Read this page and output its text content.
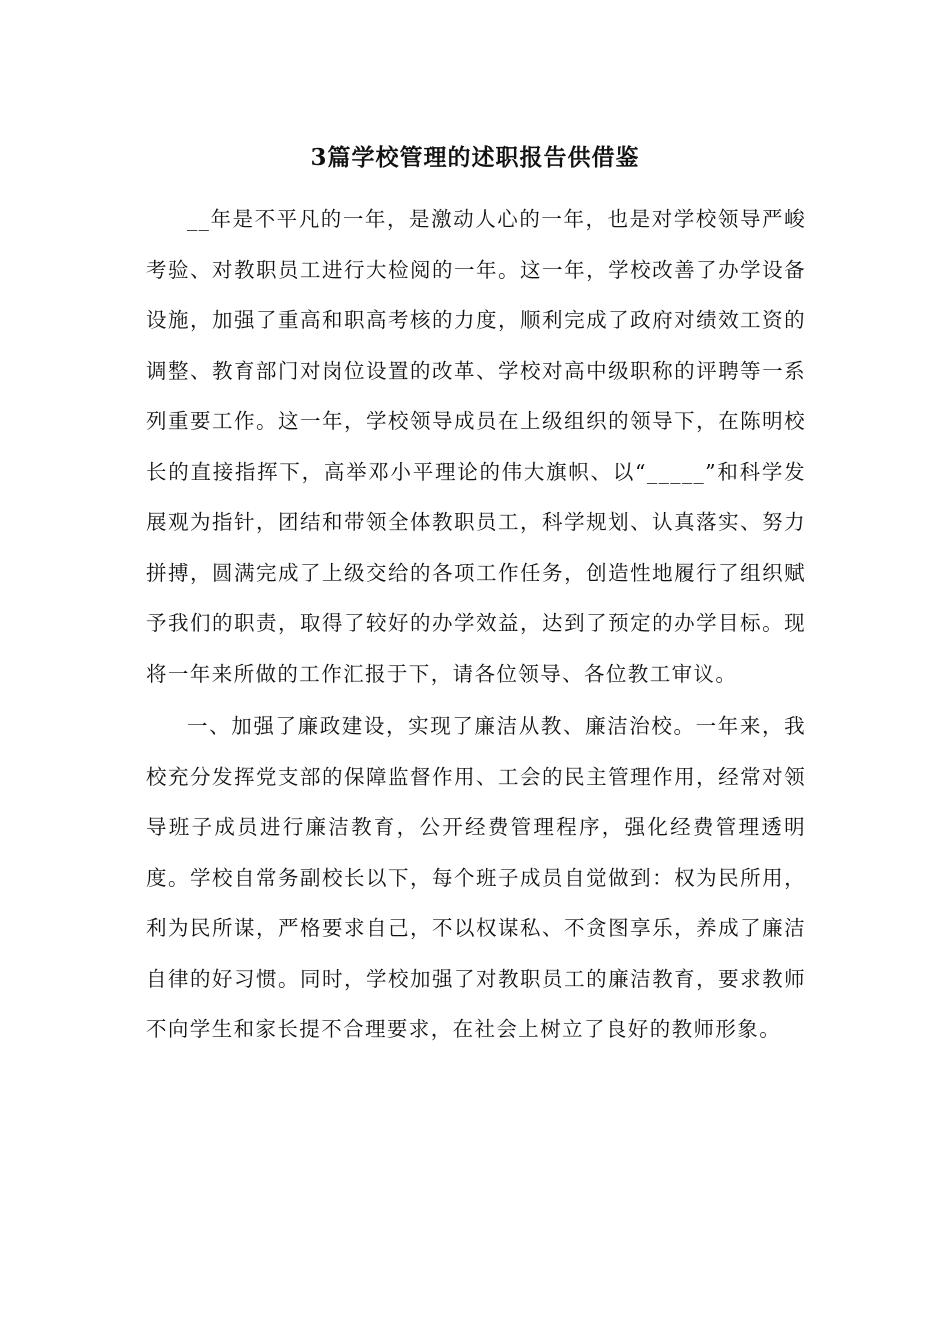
3篇学校管理的述职报告供借鉴

__年是不平凡的一年，是激动人心的一年，也是对学校领导严峻考验、对教职员工进行大检阅的一年。这一年，学校改善了办学设备设施，加强了重高和职高考核的力度，顺利完成了政府对绩效工资的调整、教育部门对岗位设置的改革、学校对高中级职称的评聘等一系列重要工作。这一年，学校领导成员在上级组织的领导下，在陈明校长的直接指挥下，高举邓小平理论的伟大旗帜、以“_____”和科学发展观为指针，团结和带领全体教职员工，科学规划、认真落实、努力拼搏，圆满完成了上级交给的各项工作任务，创造性地履行了组织赋予我们的职责，取得了较好的办学效益，达到了预定的办学目标。现将一年来所做的工作汇报于下，请各位领导、各位教工审议。

一、加强了廉政建设，实现了廉洁从教、廉洁治校。一年来，我校充分发挥党支部的保障监督作用、工会的民主管理作用，经常对领导班子成员进行廉洁教育，公开经费管理程序，强化经费管理透明度。学校自常务副校长以下，每个班子成员自觉做到：权为民所用，利为民所谋，严格要求自己，不以权谋私、不贪图享乐，养成了廉洁自律的好习惯。同时，学校加强了对教职员工的廉洁教育，要求教师不向学生和家长提不合理要求，在社会上树立了良好的教师形象。
